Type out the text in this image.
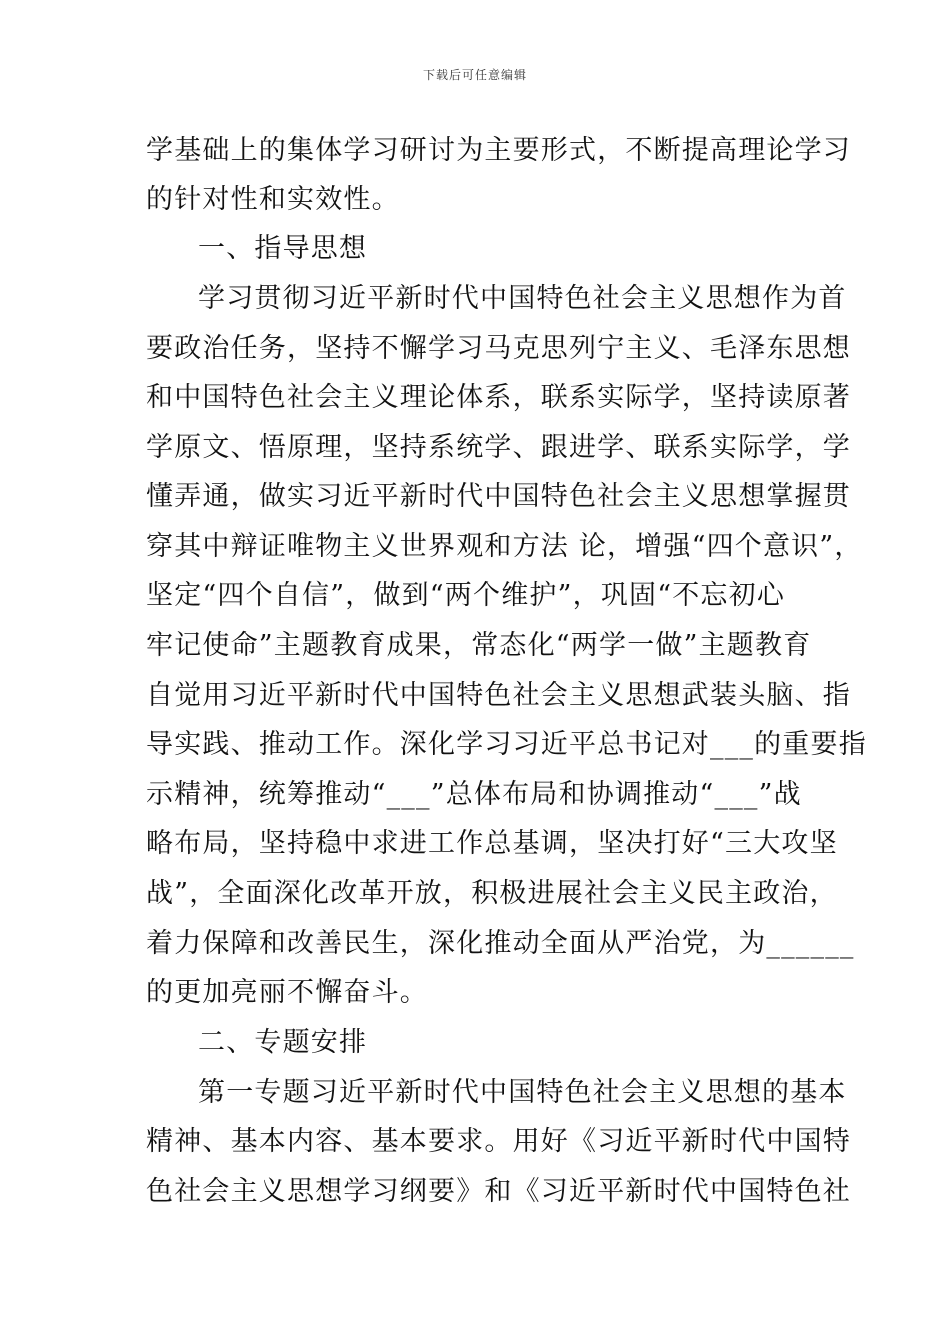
下载后可任意编辑
学基础上的集体学习研讨为主要形式，不断提高理论学习
的针对性和实效性。
一、指导思想
学习贯彻习近平新时代中国特色社会主义思想作为首
要政治任务，坚持不懈学习马克思列宁主义、毛泽东思想
和中国特色社会主义理论体系，联系实际学，坚持读原著
学原文、悟原理，坚持系统学、跟进学、联系实际学，学
懂弄通，做实习近平新时代中国特色社会主义思想掌握贯
穿其中辩证唯物主义世界观和方法 论，增强“四个意识”，
坚定“四个自信”，做到“两个维护”，巩固“不忘初心
牢记使命”主题教育成果，常态化“两学一做”主题教育
自觉用习近平新时代中国特色社会主义思想武装头脑、指
导实践、推动工作。深化学习习近平总书记对___的重要指
示精神，统筹推动“___”总体布局和协调推动“___”战
略布局，坚持稳中求进工作总基调，坚决打好“三大攻坚
战”，全面深化改革开放，积极进展社会主义民主政治，
着力保障和改善民生，深化推动全面从严治党，为______
的更加亮丽不懈奋斗。
二、专题安排
第一专题习近平新时代中国特色社会主义思想的基本
精神、基本内容、基本要求。用好《习近平新时代中国特
色社会主义思想学习纲要》和《习近平新时代中国特色社
